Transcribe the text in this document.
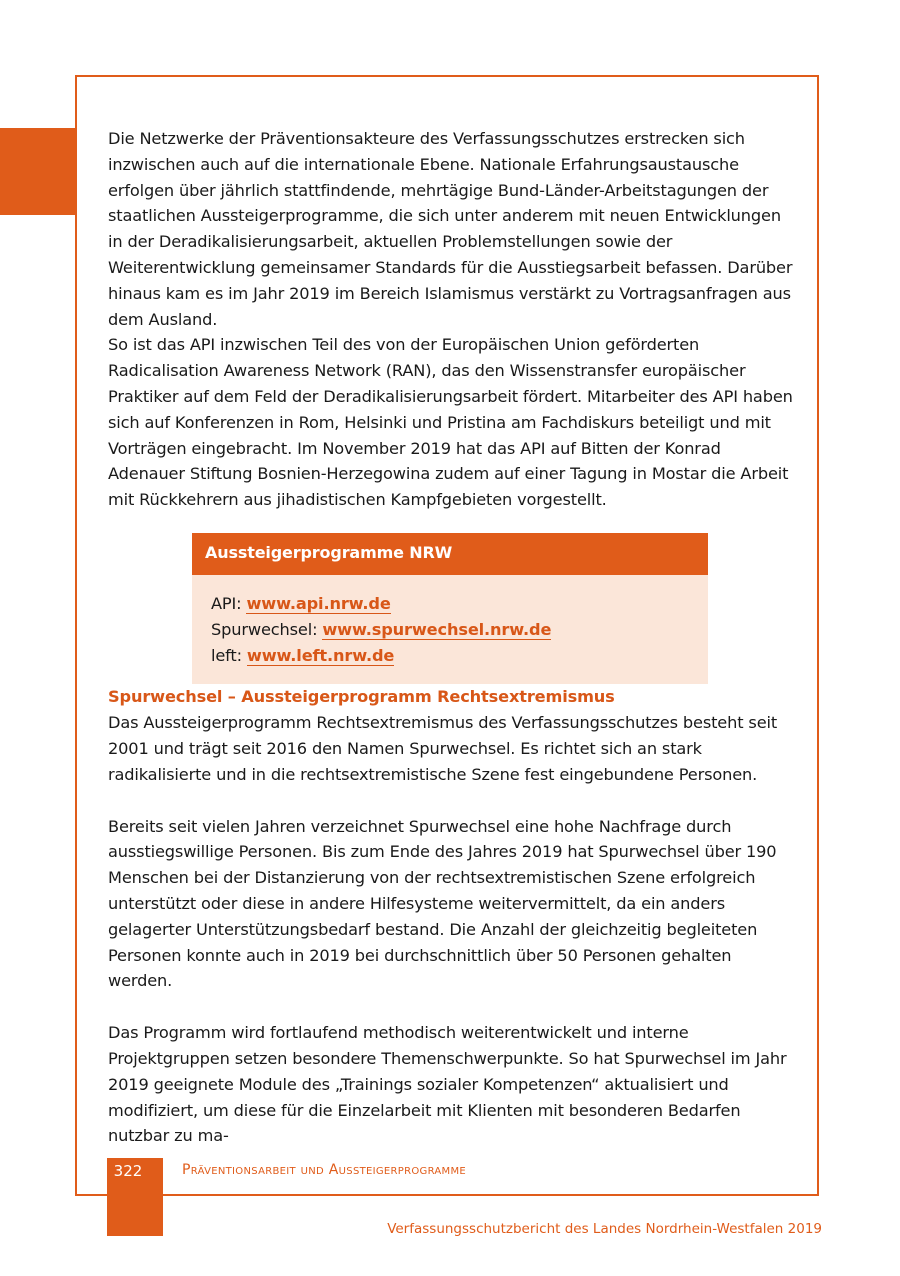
Die Netzwerke der Präventionsakteure des Verfassungsschutzes erstrecken sich inzwischen auch auf die internationale Ebene. Nationale Erfahrungsaustausche erfolgen über jährlich stattfindende, mehrtägige Bund-Länder-Arbeitstagungen der staatlichen Aussteigerprogramme, die sich unter anderem mit neuen Entwicklungen in der Deradikalisierungsarbeit, aktuellen Problemstellungen sowie der Weiterentwicklung gemeinsamer Standards für die Ausstiegsarbeit befassen. Darüber hinaus kam es im Jahr 2019 im Bereich Islamismus verstärkt zu Vortragsanfragen aus dem Ausland.

So ist das API inzwischen Teil des von der Europäischen Union geförderten Radicalisation Awareness Network (RAN), das den Wissenstransfer europäischer Praktiker auf dem Feld der Deradikalisierungsarbeit fördert. Mitarbeiter des API haben sich auf Konferenzen in Rom, Helsinki und Pristina am Fachdiskurs beteiligt und mit Vorträgen eingebracht. Im November 2019 hat das API auf Bitten der Konrad Adenauer Stiftung Bosnien-Herzegowina zudem auf einer Tagung in Mostar die Arbeit mit Rückkehrern aus jihadistischen Kampfgebieten vorgestellt.

Aussteigerprogramme NRW
API: www.api.nrw.de
Spurwechsel: www.spurwechsel.nrw.de
left: www.left.nrw.de

Spurwechsel – Aussteigerprogramm Rechtsextremismus

Das Aussteigerprogramm Rechtsextremismus des Verfassungsschutzes besteht seit 2001 und trägt seit 2016 den Namen Spurwechsel. Es richtet sich an stark radikalisierte und in die rechtsextremistische Szene fest eingebundene Personen.

Bereits seit vielen Jahren verzeichnet Spurwechsel eine hohe Nachfrage durch ausstiegswillige Personen. Bis zum Ende des Jahres 2019 hat Spurwechsel über 190 Menschen bei der Distanzierung von der rechtsextremistischen Szene erfolgreich unterstützt oder diese in andere Hilfesysteme weitervermittelt, da ein anders gelagerter Unterstützungsbedarf bestand. Die Anzahl der gleichzeitig begleiteten Personen konnte auch in 2019 bei durchschnittlich über 50 Personen gehalten werden.

Das Programm wird fortlaufend methodisch weiterentwickelt und interne Projektgruppen setzen besondere Themenschwerpunkte. So hat Spurwechsel im Jahr 2019 geeignete Module des „Trainings sozialer Kompetenzen“ aktualisiert und modifiziert, um diese für die Einzelarbeit mit Klienten mit besonderen Bedarfen nutzbar zu ma-

322	Präventionsarbeit und Aussteigerprogramme
Verfassungsschutzbericht des Landes Nordrhein-Westfalen 2019
